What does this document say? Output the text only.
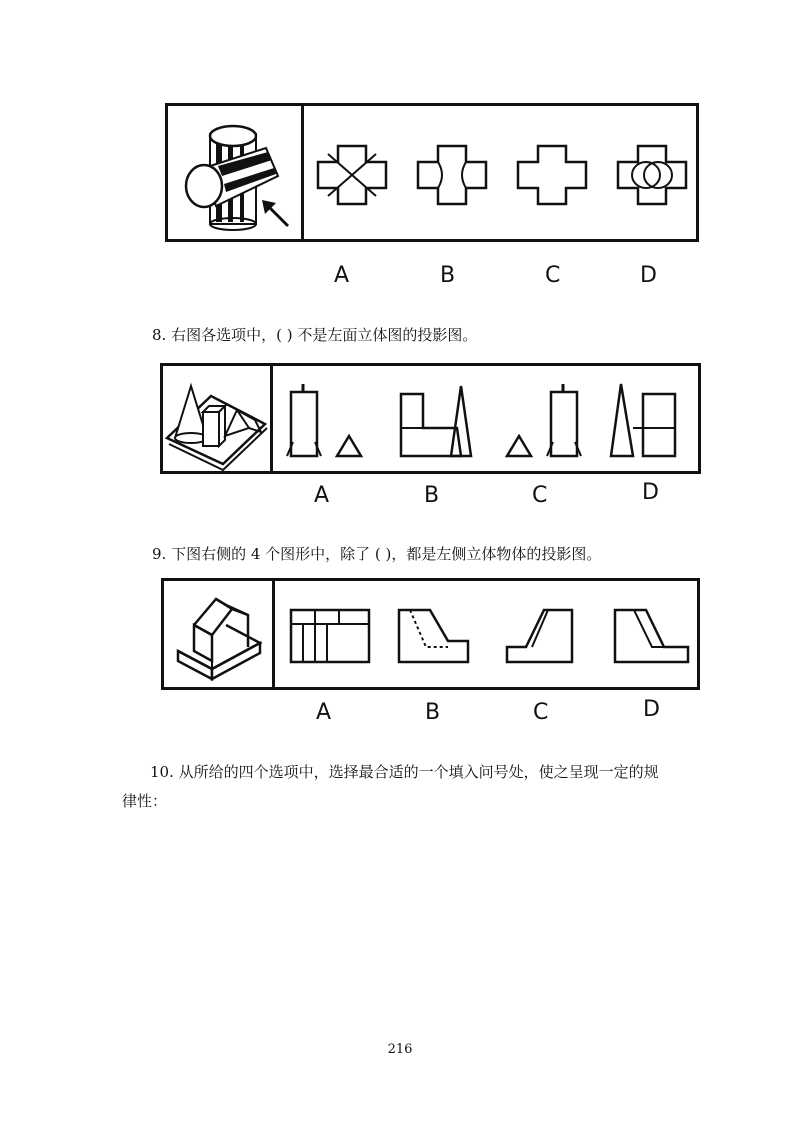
A	B	C	D
8. 右图各选项中，( ) 不是左面立体图的投影图。
A	B	C	D
9. 下图右侧的 4 个图形中，除了 ( )，都是左侧立体物体的投影图。
A	B	C	D
10. 从所给的四个选项中，选择最合适的一个填入问号处，使之呈现一定的规
律性：
216
